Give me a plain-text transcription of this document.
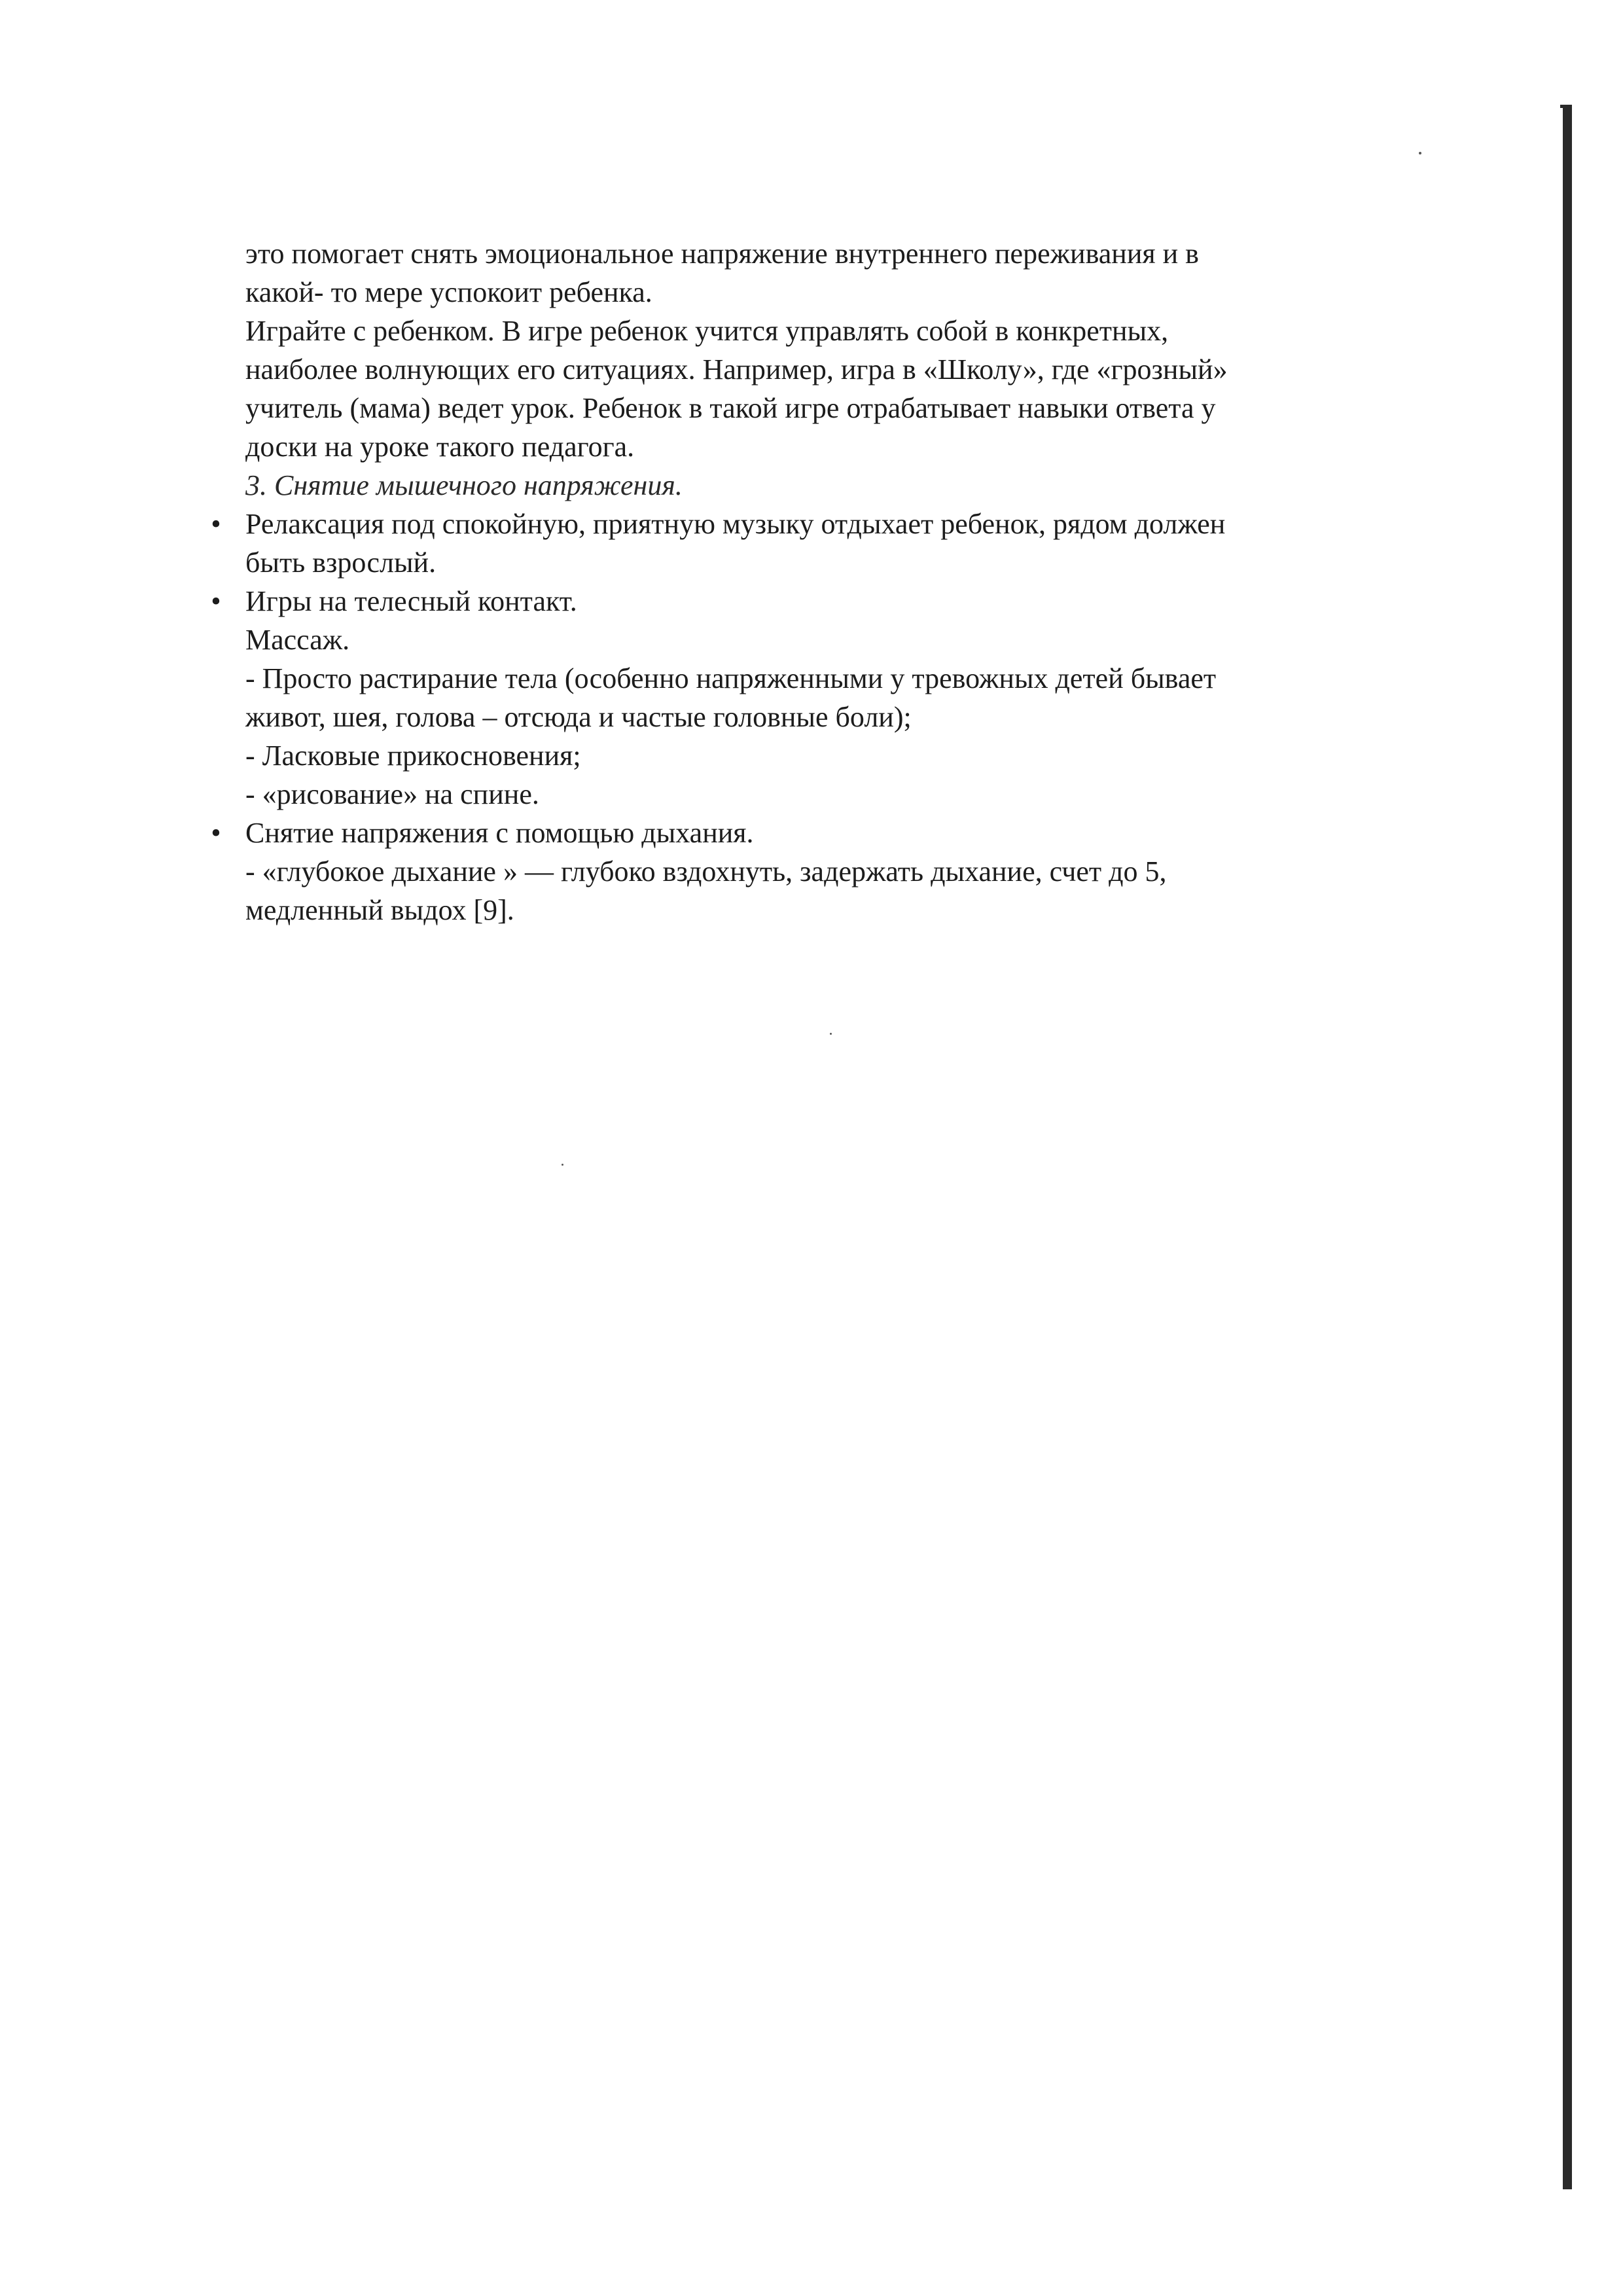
это помогает снять эмоциональное напряжение внутреннего переживания и в
какой- то мере успокоит ребенка.
Играйте с ребенком. В игре ребенок учится управлять собой в конкретных,
наиболее волнующих его ситуациях. Например, игра в «Школу», где «грозный»
учитель (мама) ведет урок. Ребенок в такой игре отрабатывает навыки ответа у
доски на уроке такого педагога.
3. Снятие мышечного напряжения.
• Релаксация под спокойную, приятную музыку отдыхает ребенок, рядом должен
быть взрослый.
• Игры на телесный контакт.
Массаж.
- Просто растирание тела (особенно напряженными у тревожных детей бывает
живот, шея, голова – отсюда и частые головные боли);
- Ласковые прикосновения;
- «рисование» на спине.
• Снятие напряжения с помощью дыхания.
- «глубокое дыхание » — глубоко вздохнуть, задержать дыхание, счет до 5,
медленный выдох [9].
